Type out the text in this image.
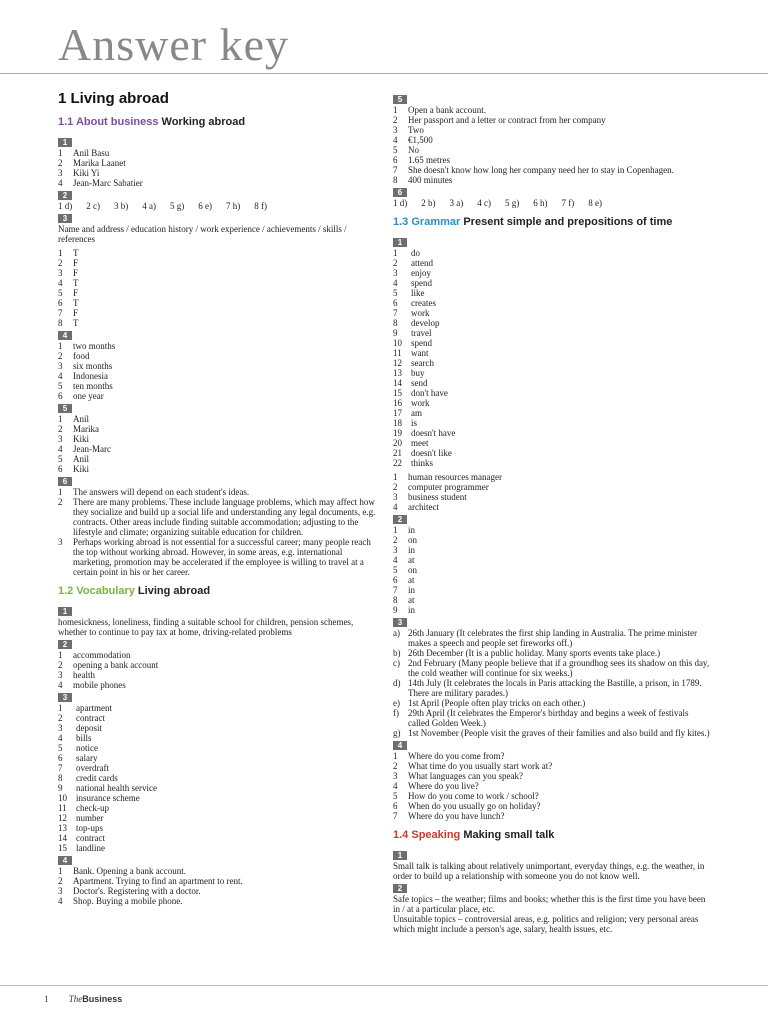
Answer key
1 Living abroad
1.1 About business Working abroad
1
1	Anil Basu
2	Marika Laanet
3	Kiki Yi
4	Jean-Marc Sabatier
2
1 d) 2 c) 3 b) 4 a) 5 g) 6 e) 7 h) 8 f)
3

Name and address / education history / work experience / achievements / skills / references

1	T
2	F
3	F
4	T
5	F
6	T
7	F
8	T
4
1	two months
2	food
3	six months
4	Indonesia
5	ten months
6	one year
5
1	Anil
2	Marika
3	Kiki
4	Jean-Marc
5	Anil
6	Kiki
6
1	The answers will depend on each student's ideas.
2	There are many problems. These include language problems, which may affect how they socialize and build up a social life and understanding any legal documents, e.g. contracts. Other areas include finding suitable accommodation; adjusting to the lifestyle and climate; organizing suitable education for children.
3	Perhaps working abroad is not essential for a successful career; many people reach the top without working abroad. However, in some areas, e.g. international marketing, promotion may be accelerated if the employee is willing to travel at a certain point in his or her career.
1.2 Vocabulary Living abroad
1

homesickness, loneliness, finding a suitable school for children, pension schemes, whether to continue to pay tax at home, driving-related problems

2
1	accommodation
2	opening a bank account
3	health
4	mobile phones
3
1	apartment
2	contract
3	deposit
4	bills
5	notice
6	salary
7	overdraft
8	credit cards
9	national health service
10	insurance scheme
11	check-up
12	number
13	top-ups
14	contract
15	landline
4
1	Bank. Opening a bank account.
2	Apartment. Trying to find an apartment to rent.
3	Doctor's. Registering with a doctor.
4	Shop. Buying a mobile phone.
5
1	Open a bank account.
2	Her passport and a letter or contract from her company
3	Two
4	€1,500
5	No
6	1.65 metres
7	She doesn't know how long her company need her to stay in Copenhagen.
8	400 minutes
6
1 d) 2 b) 3 a) 4 c) 5 g) 6 h) 7 f) 8 e)
1.3 Grammar Present simple and prepositions of time
1
1	do
2	attend
3	enjoy
4	spend
5	like
6	creates
7	work
8	develop
9	travel
10	spend
11	want
12	search
13	buy
14	send
15	don't have
16	work
17	am
18	is
19	doesn't have
20	meet
21	doesn't like
22	thinks
1	human resources manager
2	computer programmer
3	business student
4	architect
2
1	in
2	on
3	in
4	at
5	on
6	at
7	in
8	at
9	in
3
a) 26th January (It celebrates the first ship landing in Australia. The prime minister makes a speech and people set fireworks off.)
b) 26th December (It is a public holiday. Many sports events take place.)
c) 2nd February (Many people believe that if a groundhog sees its shadow on this day, the cold weather will continue for six weeks.)
d) 14th July (It celebrates the locals in Paris attacking the Bastille, a prison, in 1789. There are military parades.)
e) 1st April (People often play tricks on each other.)
f)	29th April (It celebrates the Emperor's birthday and begins a week of festivals called Golden Week.)
g) 1st November (People visit the graves of their families and also build and fly kites.)
4
1	Where do you come from?
2	What time do you usually start work at?
3	What languages can you speak?
4	Where do you live?
5	How do you come to work / school?
6	When do you usually go on holiday?
7	Where do you have lunch?
1.4 Speaking Making small talk
1

Small talk is talking about relatively unimportant, everyday things, e.g. the weather, in order to build up a relationship with someone you do not know well.

2

Safe topics – the weather; films and books; whether this is the first time you have been in / at a particular place, etc.

Unsuitable topics – controversial areas, e.g. politics and religion; very personal areas which might include a person's age, salary, health issues, etc.

1 TheBusiness
